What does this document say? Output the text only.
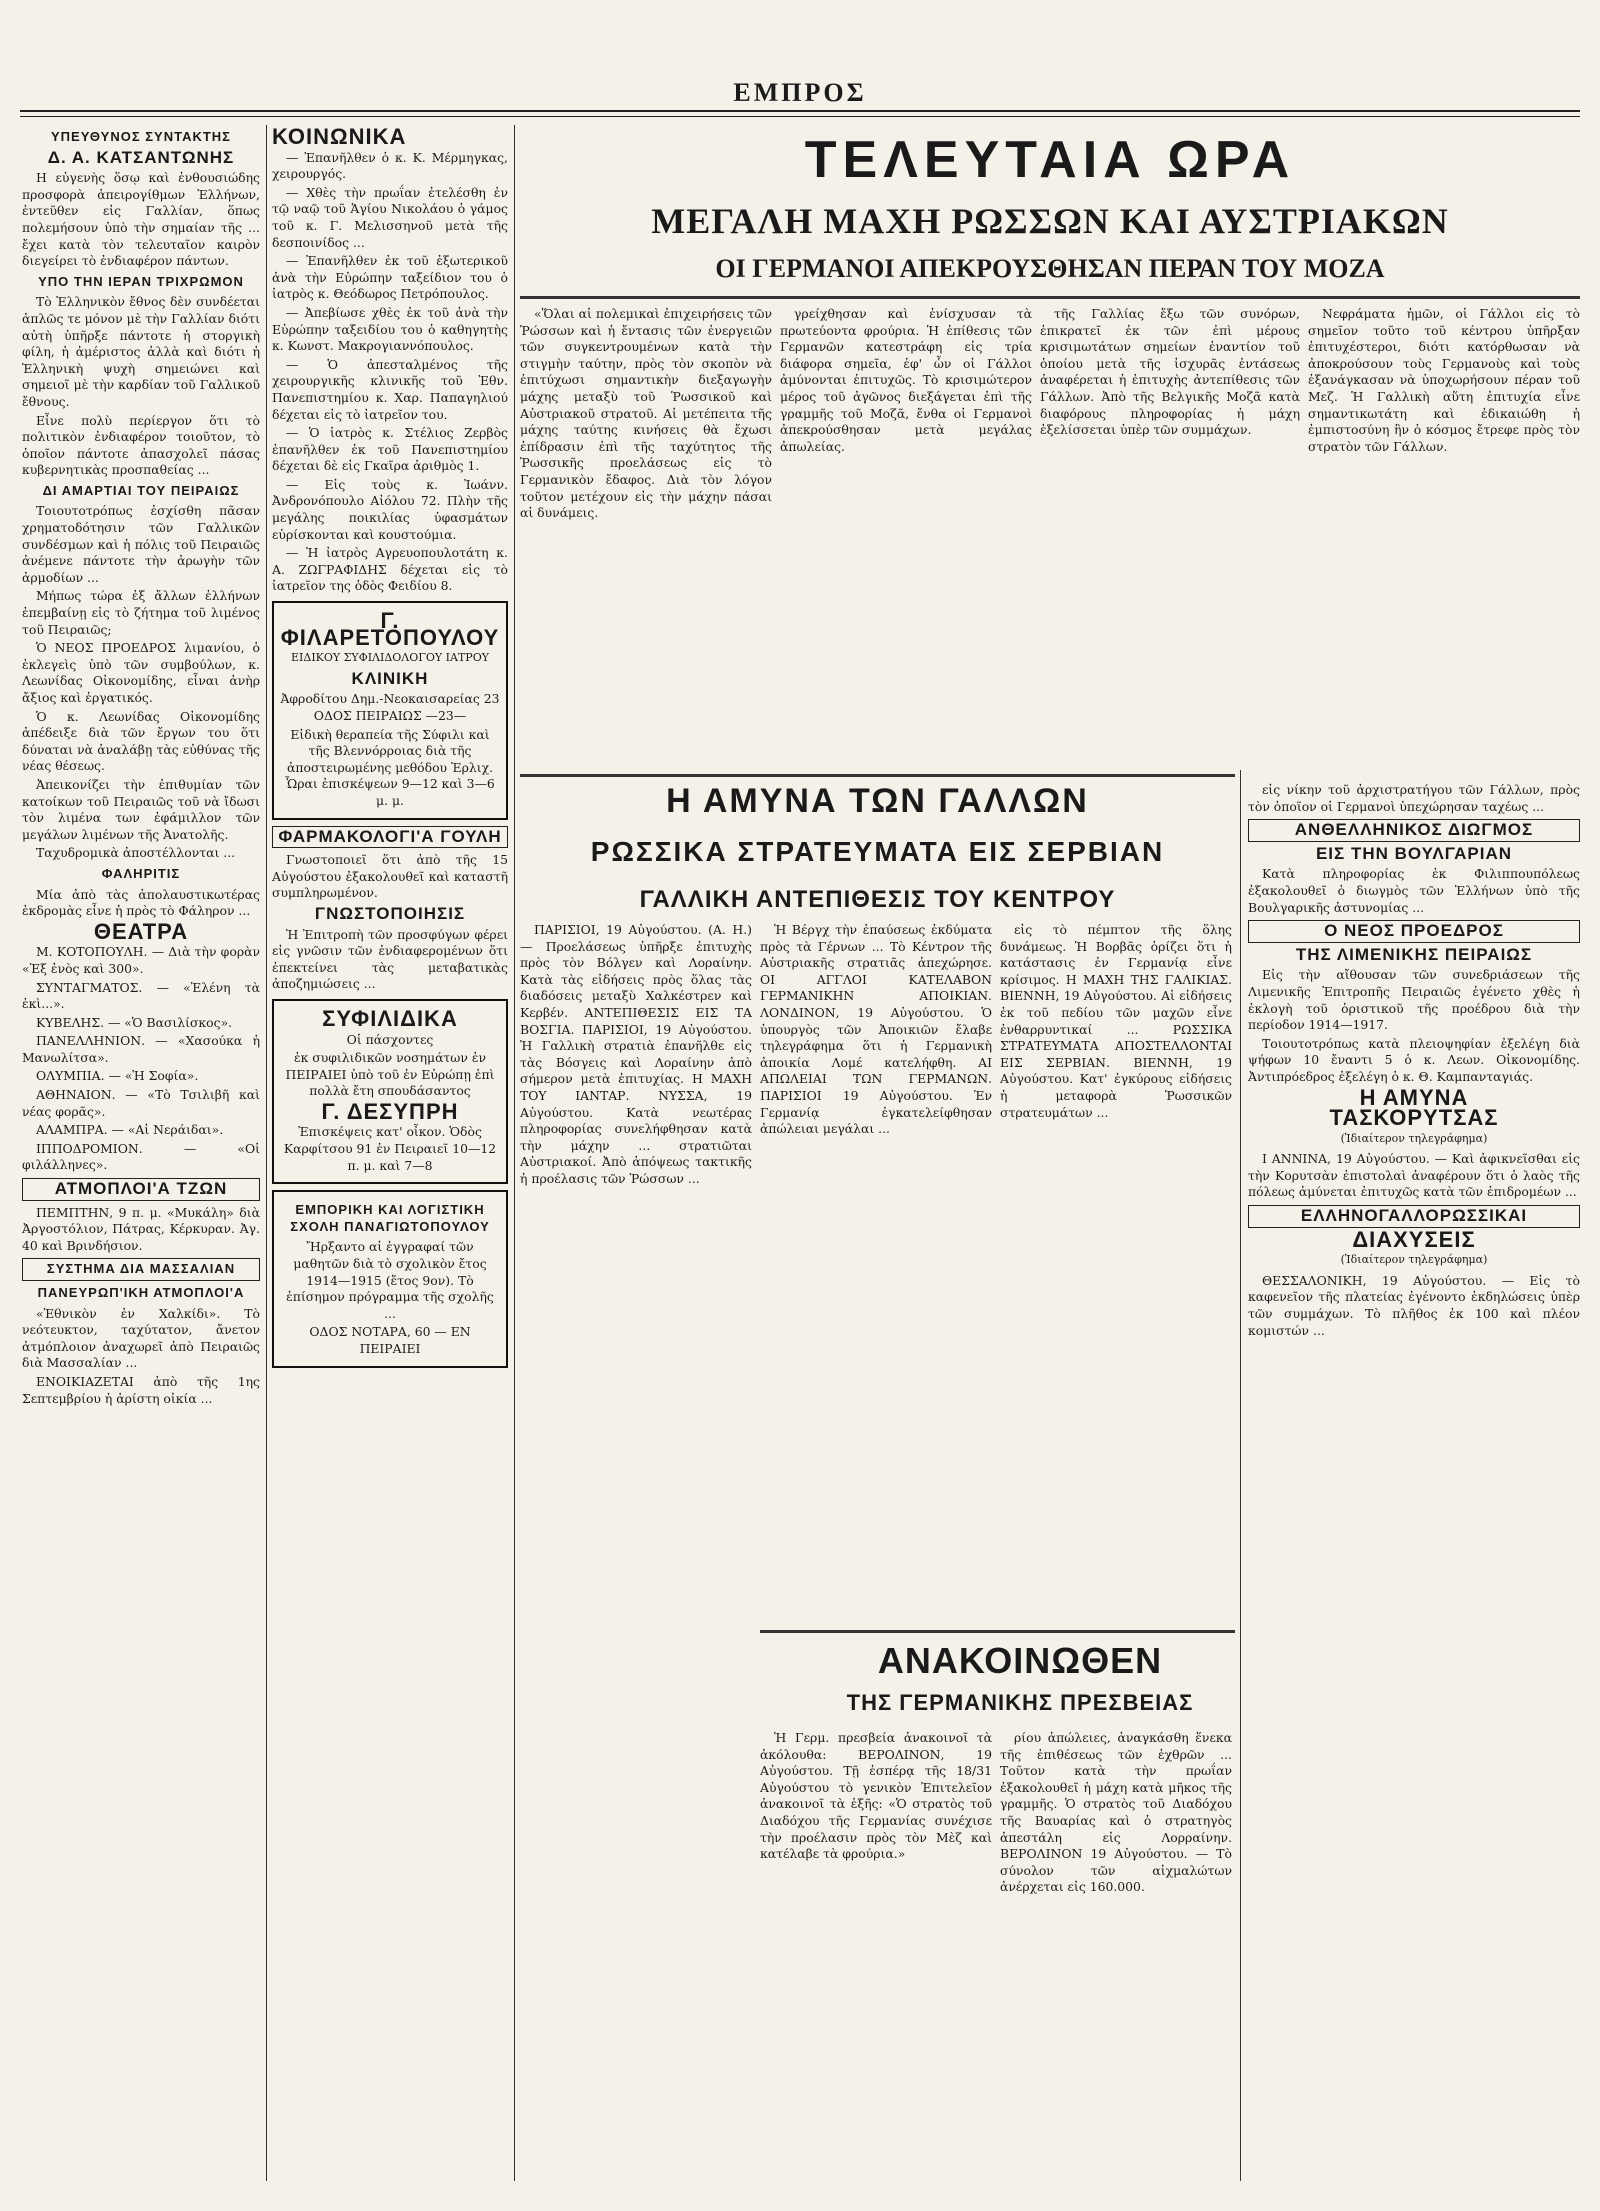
ΕΜΠΡΟΣ
ΥΠΕΥΘΥΝΟΣ ΣΥΝΤΑΚΤΗΣ
Δ. Α. ΚΑΤΣΑΝΤΩΝΗΣ

Η εὐγενὴς ὅσῳ καὶ ἐνθουσιώδης προσφορὰ ἀπειρογίθμων Ἑλλήνων, ἐντεῦθεν εἰς Γαλλίαν, ὅπως πολεμήσουν ὑπὸ τὴν σημαίαν τῆς ... ἔχει κατὰ τὸν τελευταῖον καιρὸν διεγείρει τὸ ἐνδιαφέρον πάντων.

ΥΠΟ ΤΗΝ ΙΕΡΑΝ ΤΡΙΧΡΩΜΟΝ

Τὸ Ἑλληνικὸν ἔθνος δὲν συνδέεται ἁπλῶς τε μόνον μὲ τὴν Γαλλίαν διότι αὐτὴ ὑπῆρξε πάντοτε ἡ στοργικὴ φίλη, ἡ ἀμέριστος ἀλλὰ καὶ διότι ἡ Ἑλληνικὴ ψυχὴ σημειώνει καὶ σημειοῖ μὲ τὴν καρδίαν τοῦ Γαλλικοῦ ἔθνους.

Εἶνε πολὺ περίεργον ὅτι τὸ πολιτικὸν ἐνδιαφέρον τοιοῦτον, τὸ ὁποῖον πάντοτε ἀπασχολεῖ πάσας κυβερνητικὰς προσπαθείας ...

ΔΙ ΑΜΑΡΤΙΑΙ ΤΟΥ ΠΕΙΡΑΙΩΣ

Τοιουτοτρόπως ἐσχίσθη πᾶσαν χρηματοδότησιν τῶν Γαλλικῶν συνδέσμων καὶ ἡ πόλις τοῦ Πειραιῶς ἀνέμενε πάντοτε τὴν ἀρωγὴν τῶν ἁρμοδίων ...

Μήπως τώρα ἐξ ἄλλων ἐλλήνων ἐπεμβαίνῃ εἰς τὸ ζήτημα τοῦ λιμένος τοῦ Πειραιῶς;

Ὁ ΝΕΟΣ ΠΡΟΕΔΡΟΣ λιμανίου, ὁ ἐκλεγεὶς ὑπὸ τῶν συμβούλων, κ. Λεωνίδας Οἰκονομίδης, εἶναι ἀνὴρ ἄξιος καὶ ἐργατικός.

Ὁ κ. Λεωνίδας Οἰκονομίδης ἀπέδειξε διὰ τῶν ἔργων του ὅτι δύναται νὰ ἀναλάβῃ τὰς εὐθύνας τῆς νέας θέσεως.

Ἀπεικονίζει τὴν ἐπιθυμίαν τῶν κατοίκων τοῦ Πειραιῶς τοῦ νὰ ἴδωσι τὸν λιμένα των ἐφάμιλλον τῶν μεγάλων λιμένων τῆς Ἀνατολῆς.

Ταχυδρομικὰ ἀποστέλλονται ...

ΦΑΛΗΡΙΤΙΣ

Μία ἀπὸ τὰς ἀπολαυστικωτέρας ἐκδρομὰς εἶνε ἡ πρὸς τὸ Φάληρον ...

ΘΕΑΤΡΑ

Μ. ΚΟΤΟΠΟΥΛΗ. — Διὰ τὴν φορὰν «Ἐξ ἐνὸς καὶ 300».

ΣΥΝΤΑΓΜΑΤΟΣ. — «Ἐλένη τὰ ἐκὶ...».

ΚΥΒΕΛΗΣ. — «Ὁ Βασιλίσκος».

ΠΑΝΕΛΛΗΝΙΟΝ. — «Χασούκα ἡ Μανωλίτσα».

ΟΛΥΜΠΙΑ. — «Ἡ Σοφία».

ΑΘΗΝΑΙΟΝ. — «Τὸ Τσιλιβῆ καὶ νέας φορᾶς».

ΑΛΑΜΠΡΑ. — «Αἱ Νεράιδαι».

ΙΠΠΟΔΡΟΜΙΟΝ. — «Οἱ φιλάλληνες».

ΑΤΜΟΠΛΟΙ'Α ΤΖΩΝ

ΠΕΜΠΤΗΝ, 9 π. μ. «Μυκάλη» διὰ Ἀργοστόλιον, Πάτρας, Κέρκυραν. Ἀγ. 40 καὶ Βρινδήσιον.

ΣΥΣΤΗΜΑ ΔΙΑ ΜΑΣΣΑΛΙΑΝ
ΠΑΝΕΥΡΩΠ'ΙΚΗ ΑΤΜΟΠΛΟΙ'Α

«Ἐθνικὸν ἐν Χαλκίδι». Τὸ νεότευκτον, ταχύτατον, ἄνετον ἀτμόπλοιον ἀναχωρεῖ ἀπὸ Πειραιῶς διὰ Μασσαλίαν ...

ΕΝΟΙΚΙΑΖΕΤΑΙ ἀπὸ τῆς 1ης Σεπτεμβρίου ἡ ἀρίστη οἰκία ...

ΚΟΙΝΩΝΙΚΑ

— Ἐπανῆλθεν ὁ κ. Κ. Μέρμηγκας, χειρουργός.

— Χθὲς τὴν πρωΐαν ἐτελέσθη ἐν τῷ ναῷ τοῦ Ἁγίου Νικολάου ὁ γάμος τοῦ κ. Γ. Μελισσηνοῦ μετὰ τῆς δεσποινίδος ...

— Ἐπανῆλθεν ἐκ τοῦ ἐξωτερικοῦ ἀνὰ τὴν Εὐρώπην ταξείδιον του ὁ ἰατρὸς κ. Θεόδωρος Πετρόπουλος.

— Ἀπεβίωσε χθὲς ἐκ τοῦ ἀνὰ τὴν Εὐρώπην ταξειδίου του ὁ καθηγητὴς κ. Κωνστ. Μακρογιαννόπουλος.

— Ὁ ἀπεσταλμένος τῆς χειρουργικῆς κλινικῆς τοῦ Ἐθν. Πανεπιστημίου κ. Χαρ. Παπαγηλιού δέχεται εἰς τὸ ἰατρεῖον του.

— Ὁ ἰατρὸς κ. Στέλιος Ζερβὸς ἐπανῆλθεν ἐκ τοῦ Πανεπιστημίου δέχεται δὲ εἰς Γκαῖρα ἀριθμὸς 1.

— Εἰς τοὺς κ. Ἰωάνν. Ἀνδρονόπουλο Αἰόλου 72. Πλὴν τῆς μεγάλης ποικιλίας ὑφασμάτων εὑρίσκονται καὶ κουστούμια.

— Ἡ ἰατρὸς Αγρευοπουλοτάτη κ. Α. ΖΩΓΡΑΦΙΔΗΣ δέχεται εἰς τὸ ἰατρεῖον της ὁδὸς Φειδίου 8.

Γ. ΦΙΛΑΡΕΤΟΠΟΥΛΟΥ
ΕΙΔΙΚΟΥ ΣΥΦΙΛΙΔΟΛΟΓΟΥ ΙΑΤΡΟΥ
ΚΛΙΝΙΚΗ

Ἀφροδίτου Δημ.-Νεοκαισαρείας 23 ΟΔΟΣ ΠΕΙΡΑΙΩΣ —23—

Εἰδικὴ θεραπεία τῆς Σύφιλι καὶ τῆς Βλεννόρροιας διὰ τῆς ἀποστειρωμένης μεθόδου Ἐρλιχ. Ὧραι ἐπισκέψεων 9—12 καὶ 3—6 μ. μ.

ΦΑΡΜΑΚΟΛΟΓΙ'Α ΓΟΥΛΗ

Γνωστοποιεῖ ὅτι ἀπὸ τῆς 15 Αὐγούστου ἐξακολουθεῖ καὶ καταστῆ συμπληρωμένον.

ΓΝΩΣΤΟΠΟΙΗΣΙΣ

Ἡ Ἐπιτροπὴ τῶν προσφύγων φέρει εἰς γνῶσιν τῶν ἐνδιαφερομένων ὅτι ἐπεκτείνει τὰς μεταβατικὰς ἀποζημιώσεις ...

ΣΥΦΙΛΙΔΙΚΑ

Οἱ πάσχοντες

ἐκ συφιλιδικῶν νοσημάτων ἐν ΠΕΙΡΑΙΕΙ ὑπὸ τοῦ ἐν Εὐρώπῃ ἐπὶ πολλὰ ἔτη σπουδάσαντος

Γ. ΔΕΣΥΠΡΗ

Ἐπισκέψεις κατ' οἶκον. Ὁδὸς Καρφίτσου 91 ἐν Πειραιεῖ 10—12 π. μ. καὶ 7—8

ΕΜΠΟΡΙΚΗ ΚΑΙ ΛΟΓΙΣΤΙΚΗ ΣΧΟΛΗ ΠΑΝΑΓΙΩΤΟΠΟΥΛΟΥ

Ἤρξαντο αἱ ἐγγραφαί τῶν μαθητῶν διὰ τὸ σχολικὸν ἔτος 1914—1915 (ἔτος 9ον). Τὸ ἐπίσημον πρόγραμμα τῆς σχολῆς ...

ΟΔΟΣ ΝΟΤΑΡΑ, 60 — ΕΝ ΠΕΙΡΑΙΕΙ

ΤΕΛΕΥΤΑΙΑ ΩΡΑ
ΜΕΓΑΛΗ ΜΑΧΗ ΡΩΣΣΩΝ ΚΑΙ ΑΥΣΤΡΙΑΚΩΝ
ΟΙ ΓΕΡΜΑΝΟΙ ΑΠΕΚΡΟΥΣΘΗΣΑΝ ΠΕΡΑΝ ΤΟΥ ΜΟΖΑ

«Ὅλαι αἱ πολεμικαὶ ἐπιχειρήσεις τῶν Ῥώσσων καὶ ἡ ἔντασις τῶν ἐνεργειῶν τῶν συγκεντρουμένων κατὰ τὴν στιγμὴν ταύτην, πρὸς τὸν σκοπὸν νὰ ἐπιτύχωσι σημαντικὴν διεξαγωγὴν μάχης μεταξὺ τοῦ Ῥωσσικοῦ καὶ Αὐστριακοῦ στρατοῦ. Αἱ μετέπειτα τῆς μάχης ταύτης κινήσεις θὰ ἔχωσι ἐπίδρασιν ἐπὶ τῆς ταχύτητος τῆς Ῥωσσικῆς προελάσεως εἰς τὸ Γερμανικὸν ἔδαφος. Διὰ τὸν λόγον τοῦτον μετέχουν εἰς τὴν μάχην πάσαι αἱ δυνάμεις.

γρείχθησαν καὶ ἐνίσχυσαν τὰ πρωτεύοντα φρούρια. Ἡ ἐπίθεσις τῶν Γερμανῶν κατεστράφη εἰς τρία διάφορα σημεῖα, ἐφ' ὧν οἱ Γάλλοι ἀμύνονται ἐπιτυχῶς. Τὸ κρισιμώτερον μέρος τοῦ ἀγῶνος διεξάγεται ἐπὶ τῆς γραμμῆς τοῦ Μοζᾶ, ἔνθα οἱ Γερμανοὶ ἀπεκρούσθησαν μετὰ μεγάλας ἀπωλείας.

τῆς Γαλλίας ἔξω τῶν συνόρων, ἐπικρατεῖ ἐκ τῶν ἐπὶ μέρους κρισιμωτάτων σημείων ἐναντίον τοῦ ὁποίου μετὰ τῆς ἰσχυρᾶς ἐντάσεως ἀναφέρεται ἡ ἐπιτυχὴς ἀντεπίθεσις τῶν Γάλλων. Ἀπὸ τῆς Βελγικῆς Μοζᾶ κατὰ διαφόρους πληροφορίας ἡ μάχη ἐξελίσσεται ὑπὲρ τῶν συμμάχων.

Νεφράματα ἡμῶν, οἱ Γάλλοι εἰς τὸ σημεῖον τοῦτο τοῦ κέντρου ὑπῆρξαν ἐπιτυχέστεροι, διότι κατόρθωσαν νὰ ἀποκρούσουν τοὺς Γερμανοὺς καὶ τοὺς ἐξανάγκασαν νὰ ὑποχωρήσουν πέραν τοῦ Μεζ. Ἡ Γαλλικὴ αὕτη ἐπιτυχία εἶνε σημαντικωτάτη καὶ ἐδικαιώθη ἡ ἐμπιστοσύνη ἣν ὁ κόσμος ἔτρεφε πρὸς τὸν στρατὸν τῶν Γάλλων.

Η ΑΜΥΝΑ ΤΩΝ ΓΑΛΛΩΝ
ΡΩΣΣΙΚΑ ΣΤΡΑΤΕΥΜΑΤΑ ΕΙΣ ΣΕΡΒΙΑΝ
ΓΑΛΛΙΚΗ ΑΝΤΕΠΙΘΕΣΙΣ ΤΟΥ ΚΕΝΤΡΟΥ

ΠΑΡΙΣΙΟΙ, 19 Αὐγούστου. (Α. Η.) — Προελάσεως ὑπῆρξε ἐπιτυχὴς πρὸς τὸν Βόλγεν καὶ Λοραίνην. Κατὰ τὰς εἰδήσεις πρὸς ὅλας τὰς διαδόσεις μεταξὺ Χαλκέστρεν καὶ Κερβέν. ΑΝΤΕΠΙΘΕΣΙΣ ΕΙΣ ΤΑ ΒΟΣΓΙΑ. ΠΑΡΙΣΙΟΙ, 19 Αὐγούστου. Ἡ Γαλλικὴ στρατιὰ ἐπανῆλθε εἰς τὰς Βόσγεις καὶ Λοραίνην ἀπὸ σήμερον μετὰ ἐπιτυχίας. Η ΜΑΧΗ ΤΟΥ ΙΑΝΤΑΡ. ΝΥΣΣΑ, 19 Αὐγούστου. Κατὰ νεωτέρας πληροφορίας συνελήφθησαν κατὰ τὴν μάχην ... στρατιῶται Αὐστριακοί. Ἀπὸ ἀπόψεως τακτικῆς ἡ προέλασις τῶν Ῥώσσων ...

Ἡ Βέργχ τὴν ἐπαύσεως ἐκδύματα πρὸς τὰ Γέρνων ... Τὸ Κέντρον τῆς Αὐστριακῆς στρατιᾶς ἀπεχώρησε. ΟΙ ΑΓΓΛΟΙ ΚΑΤΕΛΑΒΟΝ ΓΕΡΜΑΝΙΚΗΝ ΑΠΟΙΚΙΑΝ. ΛΟΝΔΙΝΟΝ, 19 Αὐγούστου. Ὁ ὑπουργὸς τῶν Ἀποικιῶν ἔλαβε τηλεγράφημα ὅτι ἡ Γερμανικὴ ἀποικία Λομέ κατελήφθη. ΑΙ ΑΠΩΛΕΙΑΙ ΤΩΝ ΓΕΡΜΑΝΩΝ. ΠΑΡΙΣΙΟΙ 19 Αὐγούστου. Ἐν Γερμανίᾳ ἐγκατελείφθησαν ἀπώλειαι μεγάλαι ...

εἰς τὸ πέμπτον τῆς ὅλης δυνάμεως. Ἡ Βορβᾶς ὁρίζει ὅτι ἡ κατάστασις ἐν Γερμανίᾳ εἶνε κρίσιμος. Η ΜΑΧΗ ΤΗΣ ΓΑΛΙΚΙΑΣ. ΒΙΕΝΝΗ, 19 Αὐγούστου. Αἱ εἰδήσεις ἐκ τοῦ πεδίου τῶν μαχῶν εἶνε ἐνθαρρυντικαί ... ΡΩΣΣΙΚΑ ΣΤΡΑΤΕΥΜΑΤΑ ΑΠΟΣΤΕΛΛΟΝΤΑΙ ΕΙΣ ΣΕΡΒΙΑΝ. ΒΙΕΝΝΗ, 19 Αὐγούστου. Κατ' ἐγκύρους εἰδήσεις ἡ μεταφορὰ Ῥωσσικῶν στρατευμάτων ...

εἰς νίκην τοῦ ἀρχιστρατήγου τῶν Γάλλων, πρὸς τὸν ὁποῖον οἱ Γερμανοὶ ὑπεχώρησαν ταχέως ...

ΑΝΘΕΛΛΗΝΙΚΟΣ ΔΙΩΓΜΟΣ
ΕΙΣ ΤΗΝ ΒΟΥΛΓΑΡΙΑΝ

Κατὰ πληροφορίας ἐκ Φιλιππουπόλεως ἐξακολουθεῖ ὁ διωγμὸς τῶν Ἑλλήνων ὑπὸ τῆς Βουλγαρικῆς ἀστυνομίας ...

Ο ΝΕΟΣ ΠΡΟΕΔΡΟΣ
ΤΗΣ ΛΙΜΕΝΙΚΗΣ ΠΕΙΡΑΙΩΣ

Εἰς τὴν αἴθουσαν τῶν συνεδριάσεων τῆς Λιμενικῆς Ἐπιτροπῆς Πειραιῶς ἐγένετο χθὲς ἡ ἐκλογὴ τοῦ ὁριστικοῦ τῆς προέδρου διὰ τὴν περίοδον 1914—1917.

Τοιουτοτρόπως κατὰ πλειοψηφίαν ἐξελέγη διὰ ψήφων 10 ἔναντι 5 ὁ κ. Λεων. Οἰκονομίδης. Ἀντιπρόεδρος ἐξελέγη ὁ κ. Θ. Καμπανταγιάς.

Η ΑΜΥΝΑ
ΤΑΣΚΟΡΥΤΣΑΣ
(Ἰδιαίτερον τηλεγράφημα)

Ι ΑΝΝΙΝΑ, 19 Αὐγούστου. — Καὶ ἀφικνεῖσθαι εἰς τὴν Κορυτσὰν ἐπιστολαὶ ἀναφέρουν ὅτι ὁ λαὸς τῆς πόλεως ἀμύνεται ἐπιτυχῶς κατὰ τῶν ἐπιδρομέων ...

ΕΛΛΗΝΟΓΑΛΛΟΡΩΣΣΙΚΑΙ
ΔΙΑΧΥΣΕΙΣ
(Ἰδιαίτερον τηλεγράφημα)

ΘΕΣΣΑΛΟΝΙΚΗ, 19 Αὐγούστου. — Εἰς τὸ καφενεῖον τῆς πλατείας ἐγένοντο ἐκδηλώσεις ὑπὲρ τῶν συμμάχων. Τὸ πλῆθος ἐκ 100 καὶ πλέον κομιστών ...

ΑΝΑΚΟΙΝΩΘΕΝ
ΤΗΣ ΓΕΡΜΑΝΙΚΗΣ ΠΡΕΣΒΕΙΑΣ

Ἡ Γερμ. πρεσβεία ἀνακοινοῖ τὰ ἀκόλουθα: ΒΕΡΟΛΙΝΟΝ, 19 Αὐγούστου. Τῇ ἑσπέρᾳ τῆς 18/31 Αὐγούστου τὸ γενικὸν Ἐπιτελεῖον ἀνακοινοῖ τὰ ἑξῆς: «Ὁ στρατὸς τοῦ Διαδόχου τῆς Γερμανίας συνέχισε τὴν προέλασιν πρὸς τὸν Μὲζ καὶ κατέλαβε τὰ φρούρια.»

ρίου ἀπώλειες, ἀναγκάσθη ἕνεκα τῆς ἐπιθέσεως τῶν ἐχθρῶν ... Τοῦτον κατὰ τὴν πρωΐαν ἐξακολουθεῖ ἡ μάχη κατὰ μῆκος τῆς γραμμῆς. Ὁ στρατὸς τοῦ Διαδόχου τῆς Βαυαρίας καὶ ὁ στρατηγὸς ἀπεστάλη εἰς Λορραίνην. ΒΕΡΟΛΙΝΟΝ 19 Αὐγούστου. — Τὸ σύνολον τῶν αἰχμαλώτων ἀνέρχεται εἰς 160.000.
